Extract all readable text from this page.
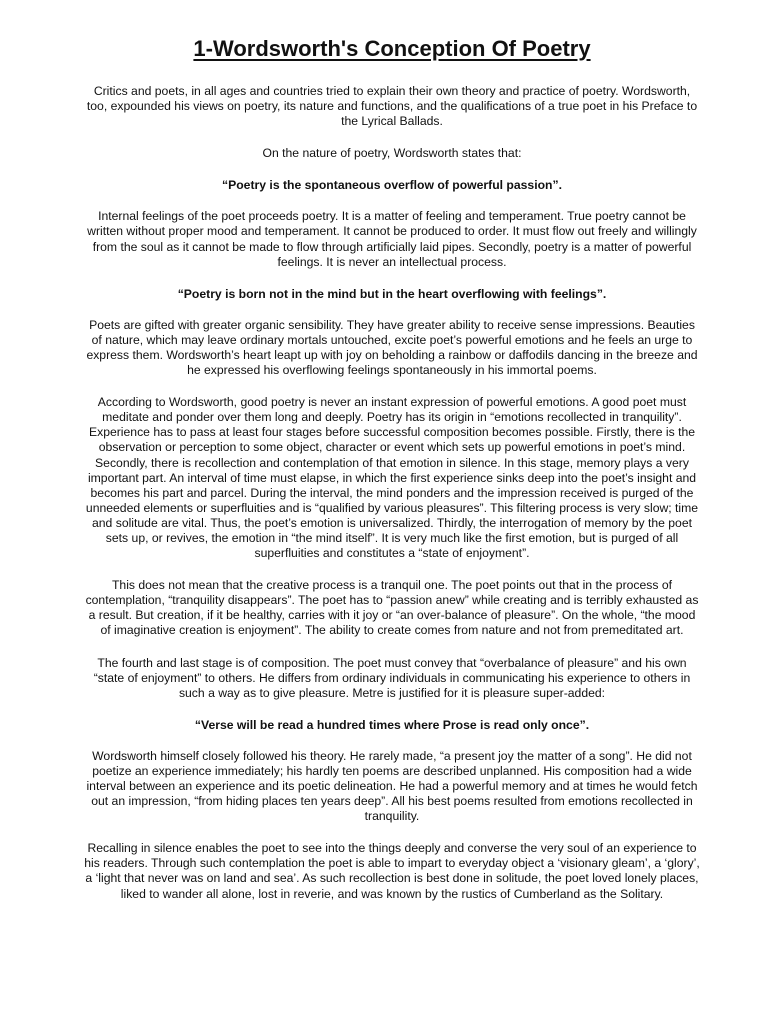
1-Wordsworth's Conception Of Poetry

Critics and poets, in all ages and countries tried to explain their own theory and practice of poetry. Wordsworth, too, expounded his views on poetry, its nature and functions, and the qualifications of a true poet in his Preface to the Lyrical Ballads.

On the nature of poetry, Wordsworth states that:

“Poetry is the spontaneous overflow of powerful passion”.

Internal feelings of the poet proceeds poetry. It is a matter of feeling and temperament. True poetry cannot be written without proper mood and temperament. It cannot be produced to order. It must flow out freely and willingly from the soul as it cannot be made to flow through artificially laid pipes. Secondly, poetry is a matter of powerful feelings. It is never an intellectual process.

“Poetry is born not in the mind but in the heart overflowing with feelings”.

Poets are gifted with greater organic sensibility. They have greater ability to receive sense impressions. Beauties of nature, which may leave ordinary mortals untouched, excite poet’s powerful emotions and he feels an urge to express them. Wordsworth’s heart leapt up with joy on beholding a rainbow or daffodils dancing in the breeze and he expressed his overflowing feelings spontaneously in his immortal poems.

According to Wordsworth, good poetry is never an instant expression of powerful emotions. A good poet must meditate and ponder over them long and deeply. Poetry has its origin in “emotions recollected in tranquility”. Experience has to pass at least four stages before successful composition becomes possible. Firstly, there is the observation or perception to some object, character or event which sets up powerful emotions in poet’s mind. Secondly, there is recollection and contemplation of that emotion in silence. In this stage, memory plays a very important part. An interval of time must elapse, in which the first experience sinks deep into the poet’s insight and becomes his part and parcel. During the interval, the mind ponders and the impression received is purged of the unneeded elements or superfluities and is “qualified by various pleasures”. This filtering process is very slow; time and solitude are vital. Thus, the poet’s emotion is universalized. Thirdly, the interrogation of memory by the poet sets up, or revives, the emotion in “the mind itself”. It is very much like the first emotion, but is purged of all superfluities and constitutes a “state of enjoyment”.

This does not mean that the creative process is a tranquil one. The poet points out that in the process of contemplation, “tranquility disappears”. The poet has to “passion anew” while creating and is terribly exhausted as a result. But creation, if it be healthy, carries with it joy or “an over-balance of pleasure”. On the whole, “the mood of imaginative creation is enjoyment”. The ability to create comes from nature and not from premeditated art.

The fourth and last stage is of composition. The poet must convey that “overbalance of pleasure” and his own “state of enjoyment” to others. He differs from ordinary individuals in communicating his experience to others in such a way as to give pleasure. Metre is justified for it is pleasure super-added:

“Verse will be read a hundred times where Prose is read only once”.

Wordsworth himself closely followed his theory. He rarely made, “a present joy the matter of a song”. He did not poetize an experience immediately; his hardly ten poems are described unplanned. His composition had a wide interval between an experience and its poetic delineation. He had a powerful memory and at times he would fetch out an impression, “from hiding places ten years deep”. All his best poems resulted from emotions recollected in tranquility.

Recalling in silence enables the poet to see into the things deeply and converse the very soul of an experience to his readers. Through such contemplation the poet is able to impart to everyday object a ‘visionary gleam’, a ‘glory’, a ‘light that never was on land and sea’. As such recollection is best done in solitude, the poet loved lonely places, liked to wander all alone, lost in reverie, and was known by the rustics of Cumberland as the Solitary.
